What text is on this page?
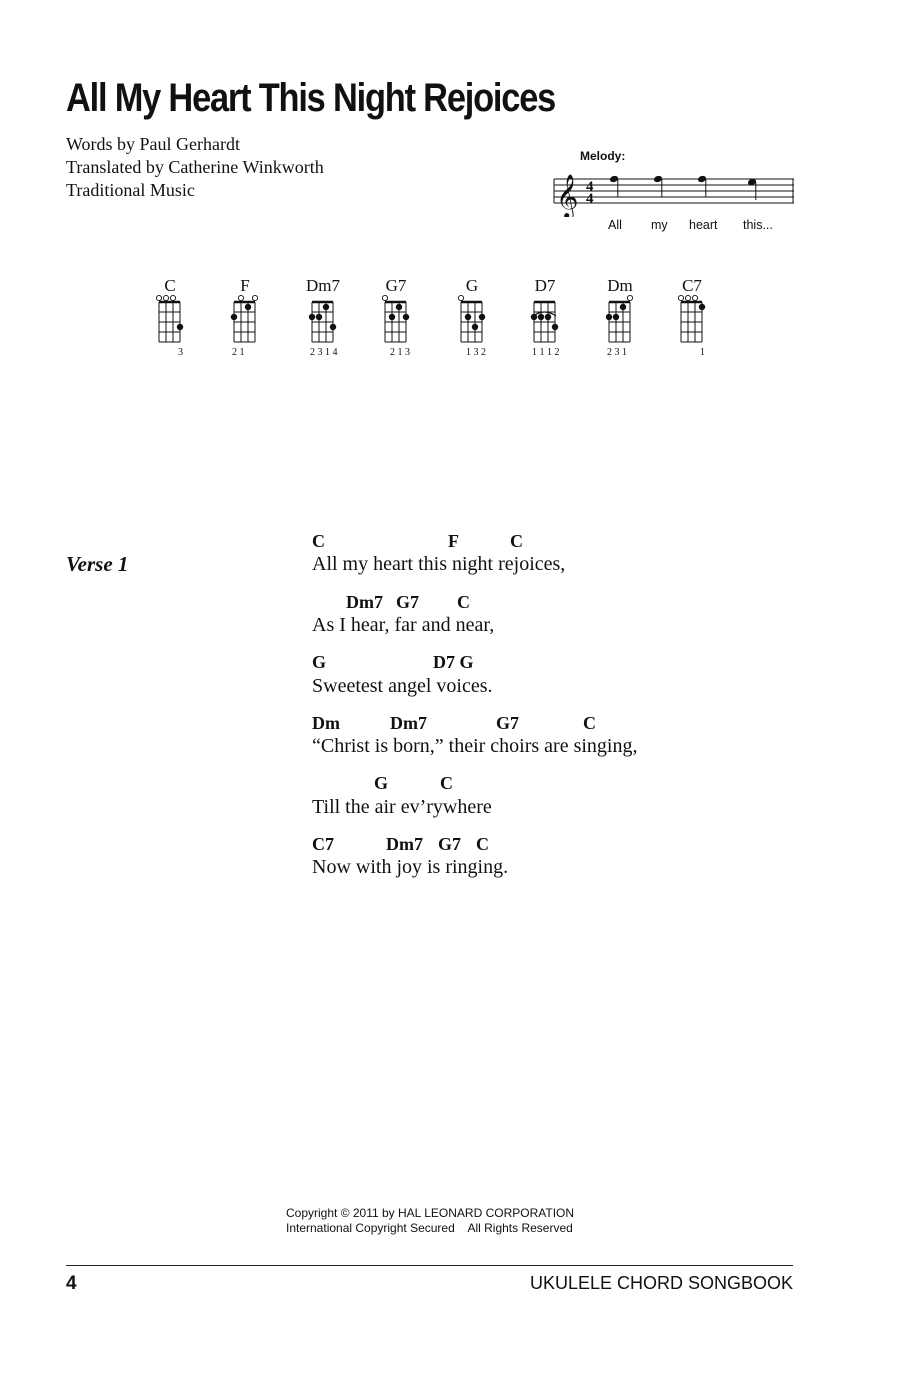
All My Heart This Night Rejoices
Words by Paul Gerhardt
Translated by Catherine Winkworth
Traditional Music
Melody:
𝄞 4
4
All my heart this...
C
3
F
2 1
Dm7
2 3 1 4
G7
2 1 3
G
1 3 2
D7
1 1 1 2
Dm
2 3 1
C7
1
Verse 1
C	F	C
All my heart this night rejoices,
Dm7 G7 C
As I hear, far and near,
G	D7 G
Sweetest angel voices.
Dm	Dm7	G7	C
“Christ is born,” their choirs are singing,
G	C
Till the air ev’rywhere
C7	Dm7 G7 C
Now with joy is ringing.
Copyright © 2011 by HAL LEONARD CORPORATION
International Copyright Secured    All Rights Reserved
4	UKULELE CHORD SONGBOOK
